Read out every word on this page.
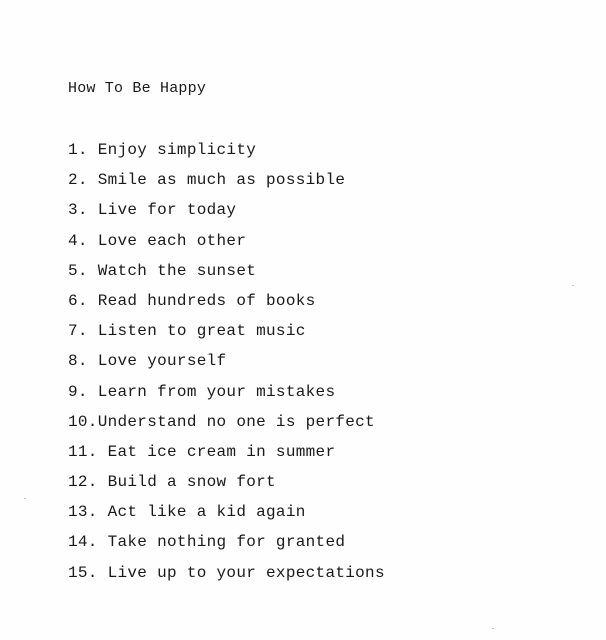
How To Be Happy
1. Enjoy simplicity
2. Smile as much as possible
3. Live for today
4. Love each other
5. Watch the sunset
6. Read hundreds of books
7. Listen to great music
8. Love yourself
9. Learn from your mistakes
10.Understand no one is perfect
11. Eat ice cream in summer
12. Build a snow fort
13. Act like a kid again
14. Take nothing for granted
15. Live up to your expectations
